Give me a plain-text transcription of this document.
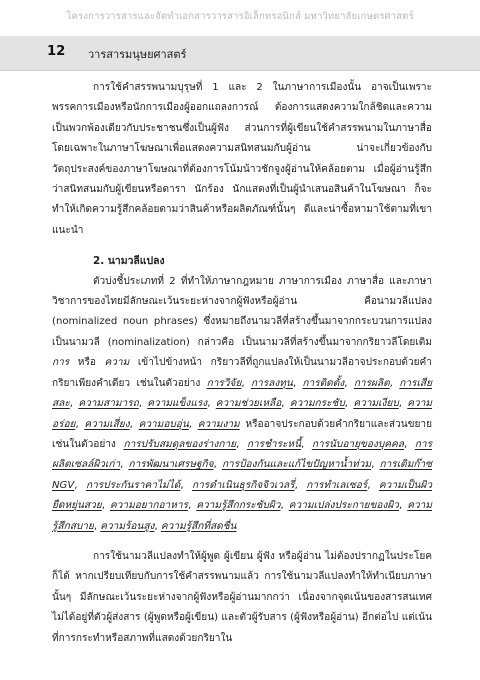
โครงการวารสารและจัดทำเอกสารวารสารอิเล็กทรอนิกส์ มหาวิทยาลัยเกษตรศาสตร์
12 วารสารมนุษยศาสตร์

การใช้คำสรรพนามบุรุษที่ 1 และ 2 ในภาษาการเมืองนั้น อาจเป็นเพราะพรรคการเมืองหรือนักการเมืองผู้ออกแถลงการณ์ ต้องการแสดงความใกล้ชิดและความเป็นพวกพ้องเดียวกับประชาชนซึ่งเป็นผู้ฟัง ส่วนการที่ผู้เขียนใช้คำสรรพนามในภาษาสื่อโดยเฉพาะในภาษาโฆษณาเพื่อแสดงความสนิทสนมกับผู้อ่าน น่าจะเกี่ยวข้องกับวัตถุประสงค์ของภาษาโฆษณาที่ต้องการโน้มน้าวชักจูงผู้อ่านให้คล้อยตาม เมื่อผู้อ่านรู้สึกว่าสนิทสนมกับผู้เขียนหรือดารา นักร้อง นักแสดงที่เป็นผู้นำเสนอสินค้าในโฆษณา ก็จะทำให้เกิดความรู้สึกคล้อยตามว่าสินค้าหรือผลิตภัณฑ์นั้นๆ ดีและน่าซื้อหามาใช้ตามที่เขาแนะนำ

2. นามวลีแปลง

ตัวบ่งชี้ประเภทที่ 2 ที่ทำให้ภาษากฎหมาย ภาษาการเมือง ภาษาสื่อ และภาษาวิชาการของไทยมีลักษณะเว้นระยะห่างจากผู้ฟังหรือผู้อ่าน คือนามวลีแปลง (nominalized noun phrases) ซึ่งหมายถึงนามวลีที่สร้างขึ้นมาจากกระบวนการแปลงเป็นนามวลี (nominalization) กล่าวคือ เป็นนามวลีที่สร้างขึ้นมาจากกริยาวลีโดยเติม การ หรือ ความ เข้าไปข้างหน้า กริยาวลีที่ถูกแปลงให้เป็นนามวลีอาจประกอบด้วยคำกริยาเพียงคำเดียว เช่นในตัวอย่าง การวิจัย, การลงทุน, การติดตั้ง, การผลิต, การเสียสละ, ความสามารถ, ความแข็งแรง, ความช่วยเหลือ, ความกระชับ, ความเงียบ, ความอร่อย, ความเสี่ยง, ความอบอุ่น, ความงาม หรืออาจประกอบด้วยคำกริยาและส่วนขยาย เช่นในตัวอย่าง การปรับสมดุลของร่างกาย, การชำระหนี้, การนับอายุของบุคคล, การผลิตเซลล์ผิวเก่า, การพัฒนาเศรษฐกิจ, การป้องกันและแก้ไขปัญหาน้ำท่วม, การเติมก๊าซ NGV, การประกันราคาไม่ได้, การดำเนินธุรกิจจิวเวลรี่, การทำเลเซอร์, ความเป็นผิวยืดหยุ่นสวย, ความอยากอาหาร, ความรู้สึกกระชับผิว, ความเปล่งประกายของผิว, ความรู้สึกสบาย, ความร้อนสูง, ความรู้สึกที่สดชื่น

การใช้นามวลีแปลงทำให้ผู้พูด ผู้เขียน ผู้ฟัง หรือผู้อ่าน ไม่ต้องปรากฏในประโยคก็ได้ หากเปรียบเทียบกับการใช้คำสรรพนามแล้ว การใช้นามวลีแปลงทำให้ทำเนียบภาษานั้นๆ มีลักษณะเว้นระยะห่างจากผู้ฟังหรือผู้อ่านมากกว่า เนื่องจากจุดเน้นของสารสนเทศไม่ได้อยู่ที่ตัวผู้ส่งสาร (ผู้พูดหรือผู้เขียน) และตัวผู้รับสาร (ผู้ฟังหรือผู้อ่าน) อีกต่อไป แต่เน้นที่การกระทำหรือสภาพที่แสดงด้วยกริยาใน
